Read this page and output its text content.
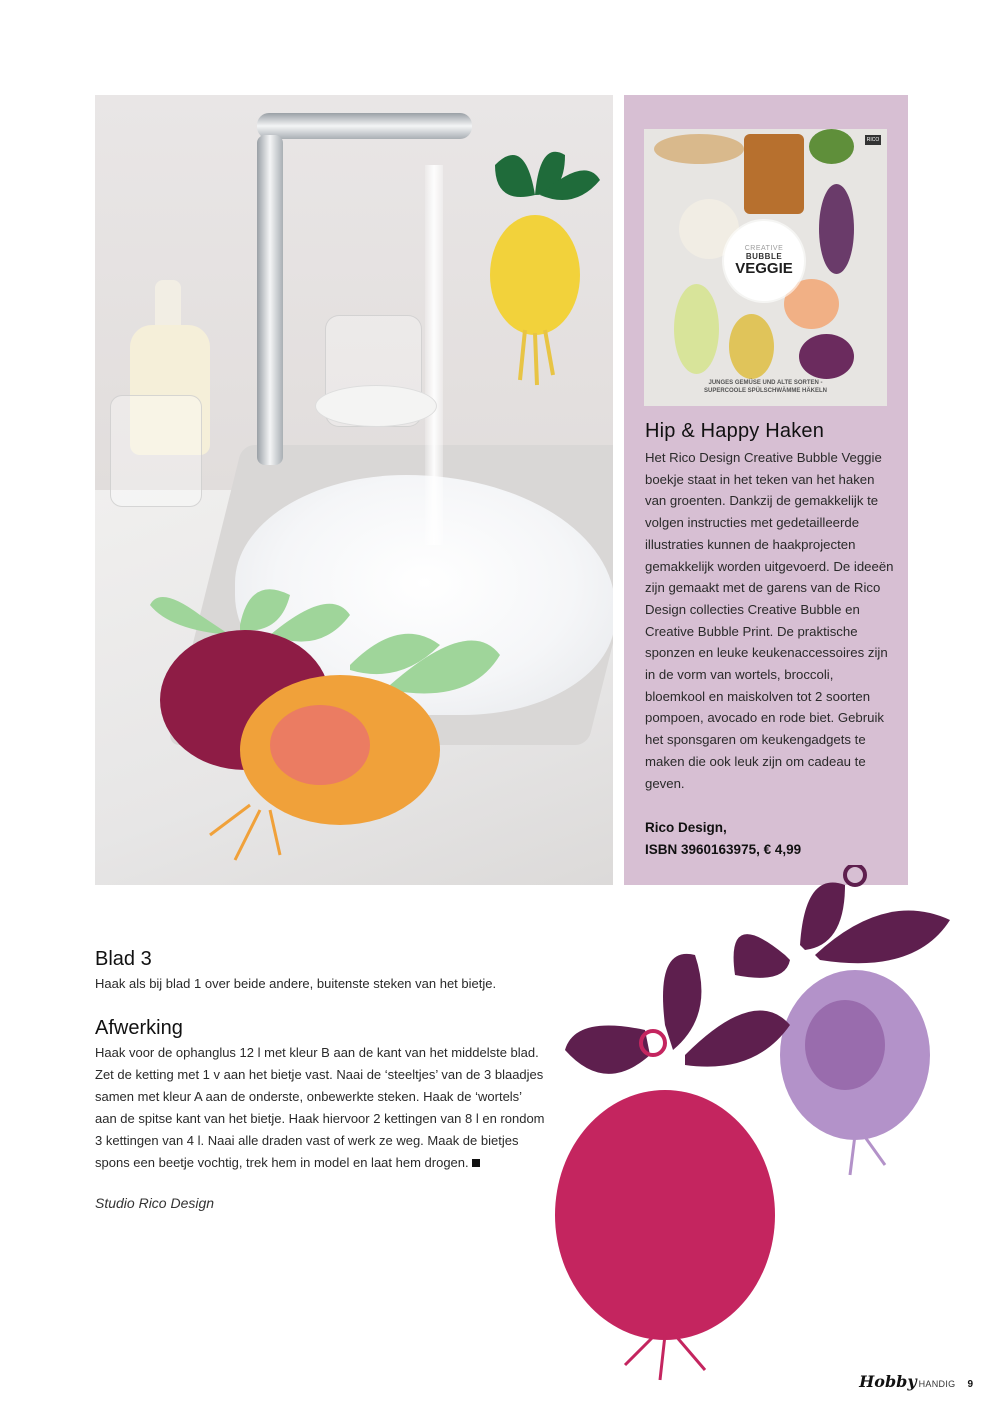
RICO
CREATIVE
BUBBLE
VEGGIE
JUNGES GEMÜSE UND ALTE SORTEN -
SUPERCOOLE SPÜLSCHWÄMME HÄKELN
Hip & Happy Haken

Het Rico Design Creative Bubble Veggie boekje staat in het teken van het haken van groenten. Dankzij de gemakkelijk te volgen instructies met gedetailleerde illustraties kunnen de haakprojecten gemakkelijk worden uitgevoerd. De ideeën zijn gemaakt met de garens van de Rico Design collecties Creative Bubble en Creative Bubble Print. De praktische sponzen en leuke keukenaccessoires zijn in de vorm van wortels, broccoli, bloemkool en maiskolven tot 2 soorten pompoen, avocado en rode biet. Gebruik het sponsgaren om keukengadgets te maken die ook leuk zijn om cadeau te geven.

Rico Design,
ISBN 3960163975, € 4,99
Blad 3

Haak als bij blad 1 over beide andere, buitenste steken van het bietje.

Afwerking

Haak voor de ophanglus 12 l met kleur B aan de kant van het middelste blad. Zet de ketting met 1 v aan het bietje vast. Naai de ‘steeltjes’ van de 3 blaadjes samen met kleur A aan de onderste, onbewerkte steken. Haak de ‘wortels’ aan de spitse kant van het bietje. Haak hiervoor 2 kettingen van 8 l en rondom 3 kettingen van 4 l. Naai alle draden vast of werk ze weg. Maak de bietjes spons een beetje vochtig, trek hem in model en laat hem drogen.

Studio Rico Design
Hobby HANDIG 9
